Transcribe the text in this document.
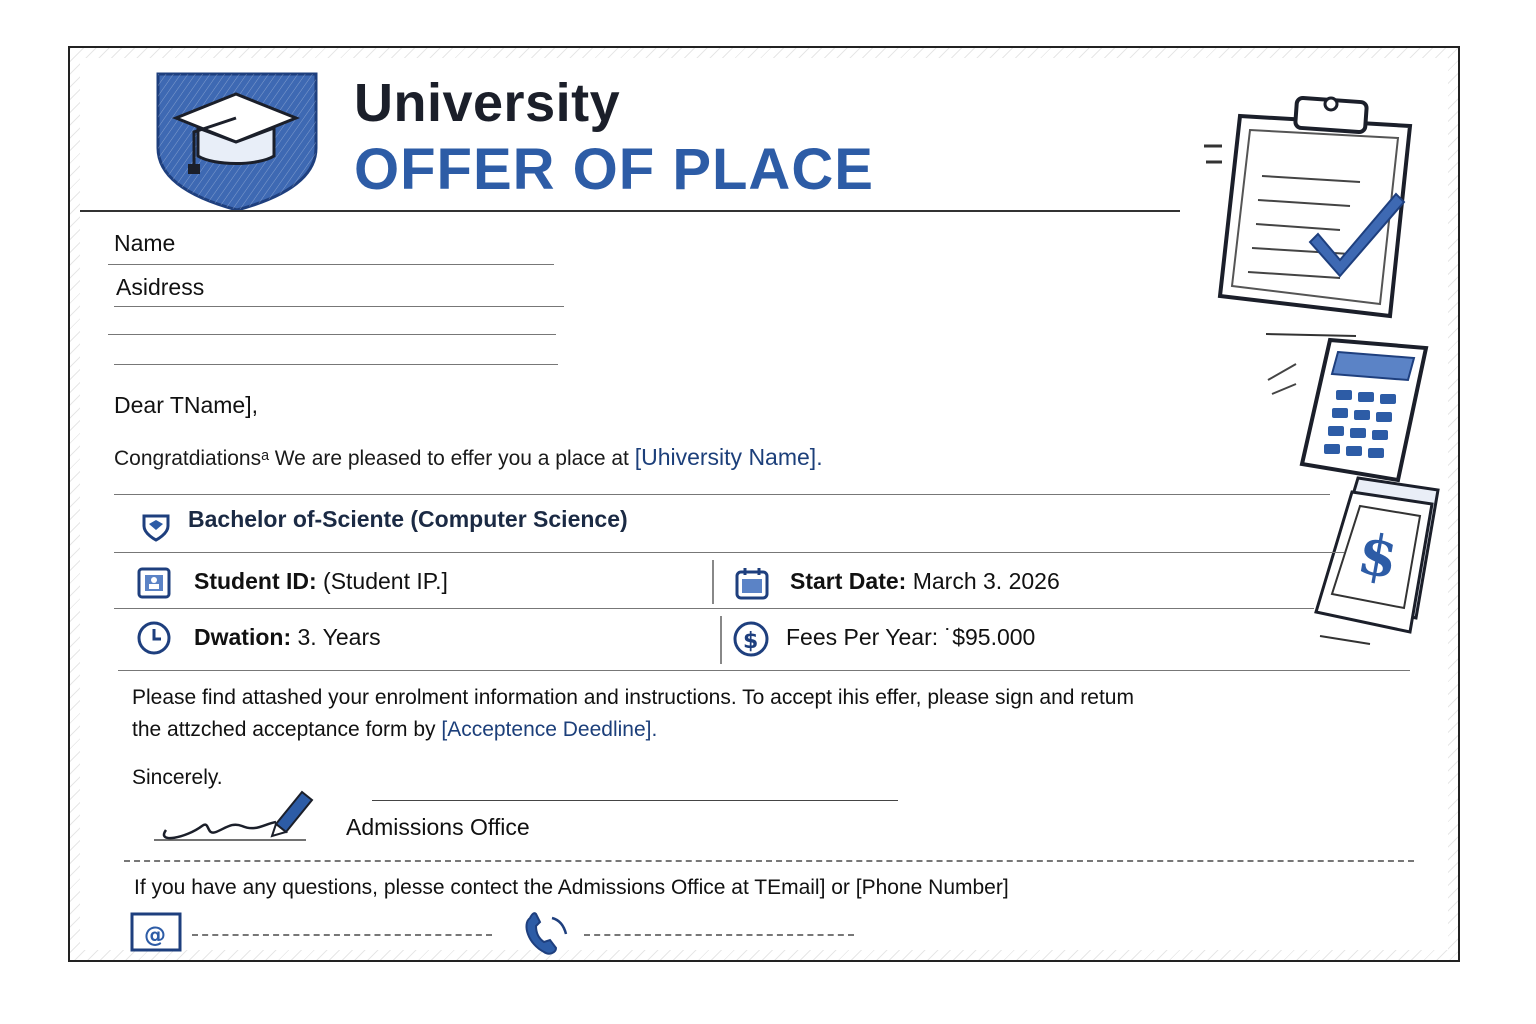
University
OFFER OF PLACE
$
Name
Asidress
Dear TName],
Congratdiationsᵃ We are pleased to effer you a place at [Uhiversity Name].
Bachelor of-Sciente (Computer Science)
Student ID: (Student IP.]	Start Date: March 3. 2026
Dwation: 3. Years	$ Fees Per Year: ˙$95.000
Please find attashed your enrolment information and instructions. To accept ihis effer, please sign and retum
the attzched acceptance form by [Acceptence Deedline].
Sincerely.
Admissions Office
If you have any questions, plesse contect the Admissions Office at TEmail] or [Phone Number]
@
